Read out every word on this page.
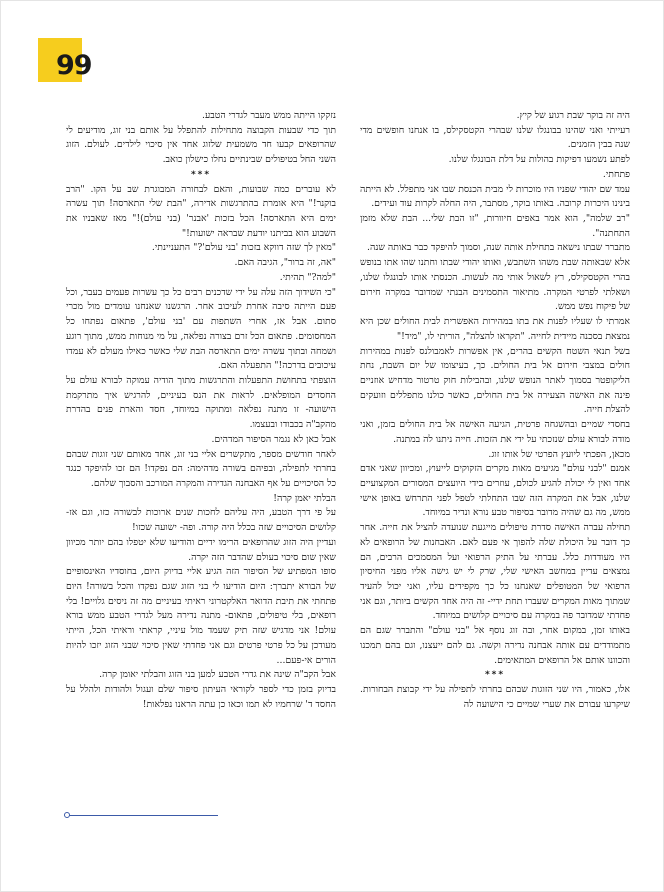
99

היה זה בוקר שבת רגוע של קיץ.

רעייתי ואני שהינו בבונגלו שלנו שבהרי הקטסקילס, בו אנחנו חופשים מדי שנה בבין הזמנים.

לפתע נשמעו דפיקות בהולות על דלת הבונגלו שלנו.

פתחתי.

עמד שם יהודי שפניו היו מוכרות לי מבית הכנסת שבו אני מתפלל. לא הייתה בינינו היכרות קרובה. באותו בוקר, מסתבר, היה החלה לקרות עוד ועידים.

"רב שלמה", הוא אמר באפים חיוורות, "זו הבת שלי... הבת שלא מזמן התחתנה".

מתברר שבתו נישאה בתחילת אותה שנה, וסמוך להיפקד כבר באותה שנה.

אלא שבאותה שבת משהו השתבש, ואותו יהודי שבתו וחתנו שהו אתו בנופש בהרי הקטסקילס, רץ לשאול אותי מה לעשות. הכנסתי אותו לבונגלו שלנו, ושאלתי לפרטי המקרה. מתיאור התסמינים הבנתי שמדובר במקרה חירום של פיקוח נפש ממש.

אמרתי לו שעליו לפנות את בתו במהירות האפשרית לבית החולים שכן היא נמצאת בסכנה מיידית לחייה. "תקראו להצלה", הוריתי לו, "מיד!"

בשל תנאי השטח הקשים בהרים, אין אפשרות לאמבולנס לפנות במהירות חולים במצבי חירום אל בית החולים. כך, בעיצומו של יום השבת, נחת הליקופטר בסמוך לאתר הנופש שלנו, ובהבילות חוק טרטור מדחיש אוזניים פינה את האישה הצעירה אל בית החולים, כאשר כולנו מתפללים וזועקים להצלת חייה.

בחסדי שמיים ובהשגחה פרטית, הגיעה האישה אל בית החולים בזמן, ואני מודה לבורא עולם שנזכתי על ידי את הזכות. חייה ניתנו לה במתנה.

מכאן, הפכתי ליועץ הפרטי של אותו זוג.

אמנם "לבני עולם" מגיעים מאות מקרים הזקוקים לייעוץ, ומכיוון שאני אדם אחד ואין לי יכולת להגיע לכולם, עוזרים בידי היועצים המסורים המקצועיים שלנו, אבל את המקרה הזה שבו התחלתי לטפל לפני התרחש באופן אישי ממש, מה גם שהיה מדובר בסיפור טבע נורא ונדיר במיוחד.

תחילה עברה האישה סדרת טיפולים מייגעת שנועדה להציל את חייה. אחר כך דובר על היכולת שלה להפוך אי פעם לאם. האבחנות של הרופאים לא היו מעודדות כלל. עברתי על התיק הרפואי ועל המסמכים הרבים, הם נמצאים עדיין במחשב האישי שלי, שרק לי יש גישה אליו מפני החיסיון הרפואי של המטופלים שאנחנו כל כך מקפידים עליו, ואני יכול להעיד שמתוך מאות המקרים שעברו תחת ידיי- זה היה אחד הקשים ביותר, וגם אני פחדתי שמדובר פה במקרה עם סיכויים קלושים במיוחד.

באותו זמן, במקום אחר, ובה זוג נוסף אל "בני עולם" והתברר שגם הם מתמודדים עם אותה אבחנה נדירה וקשה. גם להם ייעצנו, וגם בהם תמכנו והכוונו אותם אל הרופאים המתאימים.

***

אלו, כאמור, היו שני הזוגות שבהם בחרתי לתפילה על ידי קבוצת הבחורות. שיקרעו עבורם את שערי שמיים כי הישועה לה

נזקקו הייתה ממש מעבר לגדרי הטבע.

תוך כדי שבעות הקבוצה מתחילות להתפלל על אותם בני זוג, מודיעים לי שהרופאים קבעו חד משמעית שלזוג אחד אין סיכוי לילדים. לעולם. הזוג השני החל בטיפולים שבינתיים נחלו כישלון כואב.

***

לא עוברים כמה שבועות, והאם לבחורה המבוגרת שב על הקו. "הרב בוקנר!" היא אומרת בהתרגשות אדירה, "הבת שלי התארסה! תוך עשרה ימים היא התארסה! הכל בזכות 'אבנר' (בני עולם)!" מאז שאבניו את השבוע הוא בביתנו יודעת שבראה ישועות!"

"מאין לך שזה דווקא בזכות 'בני עולם'?" התעניינתי.

"אה, זה ברור", הגיבה האם.

"למה?" תהיתי.

"כי השידוך הזה עלה על ידי שדכנים רבים כל כך עשרות פעמים בעבר, וכל פעם הייתה סיבה אחרת לעיכוב אחר. הרגשנו שאנחנו עומדים מול מכרי סתום. אבל אז, אחרי השתפות עם 'בני עולם', פתאום נפתחו כל המחסומים. פתאום הכל זרם בצורה נפלאה, על מי מנוחות ממש, מתוך רוגע ושמחה ובתוך עשרה ימים התארסה הבת שלי כאשר כאילו מעולם לא עמדו עיכובים בדרכה!" התפעלה האם.

הוצפתי בתחושת התפעלות והתרגשות מתוך הודיה עמוקה לבורא עולם על החסדים המופלאים. לראות את הנס בעיניים, להרגיש איך מתרקמת הישועה- זו מתנה נפלאה ומתוקה במיוחד, חסד והארת פנים בהדרת מהקב"ה בכבודו ובעצמו.

אבל כאן לא נגמר הסיפור המדהים.

לאחר חודשים מספר, מתקשרים אליי בני זוג, אחד מאותם שני זוגות שבהם בחרתי לתפילה, ובפיהם בשורה מדהימה: הם נפקדו! הם זכו להיפקד כנגד כל הסיכויים על אף האבחנה הגדירה והמקרה המורכב והסבוך שלהם.

הבלתי יאמן קרה!

על פי דרך הטבע, היה עליהם לחכות שנים ארוכות לבשורה כזו, וגם אז- קלושים הסיכויים שזה בכלל היה קורה. ופה- ישועה שכזו!

ועדיין היה הזוג שהרופאים הרימו ידיים והודיעו שלא יטפלו בהם יותר מכיוון שאין שום סיכוי בעולם שהדבר הזה יקרה.

סופו המפתיע של הסיפור הזה הגיע אליי בדיוק היום, בחוסדיו האינסופיים של הבורא יתברך: היום הודיעו לי בני הזוג שגם נפקדו והכל בשורה! היום פתחתי את תיבת הדואר האלקטרוני ראיתי בעיניים מה זה ניסים גלויים! בלי רופאים, בלי טיפולים, פתאום- מתנה נדירה מעל לגדרי הטבע ממש בורא עולם! אני מדגיש שזה תיק שעמד מול עיניי, קראתי וראיתי הכל, הייתי מעודכן על כל פרטי פרטים וגם אני פחדתי שאין סיכוי שבני הזוג יזכו להיות הורים אי-פעם...

אבל הקב"ה שינה את גדרי הטבע למען בני הזוג והבלתי יאומן קרה.

בדיוק בזמן כדי לספר לקוראי העיתון סיפור שלם ועגול ולהודות ולהלל על החסד ד' שרחמיו לא תמו וכאו כן עתה הראנו נפלאות!
